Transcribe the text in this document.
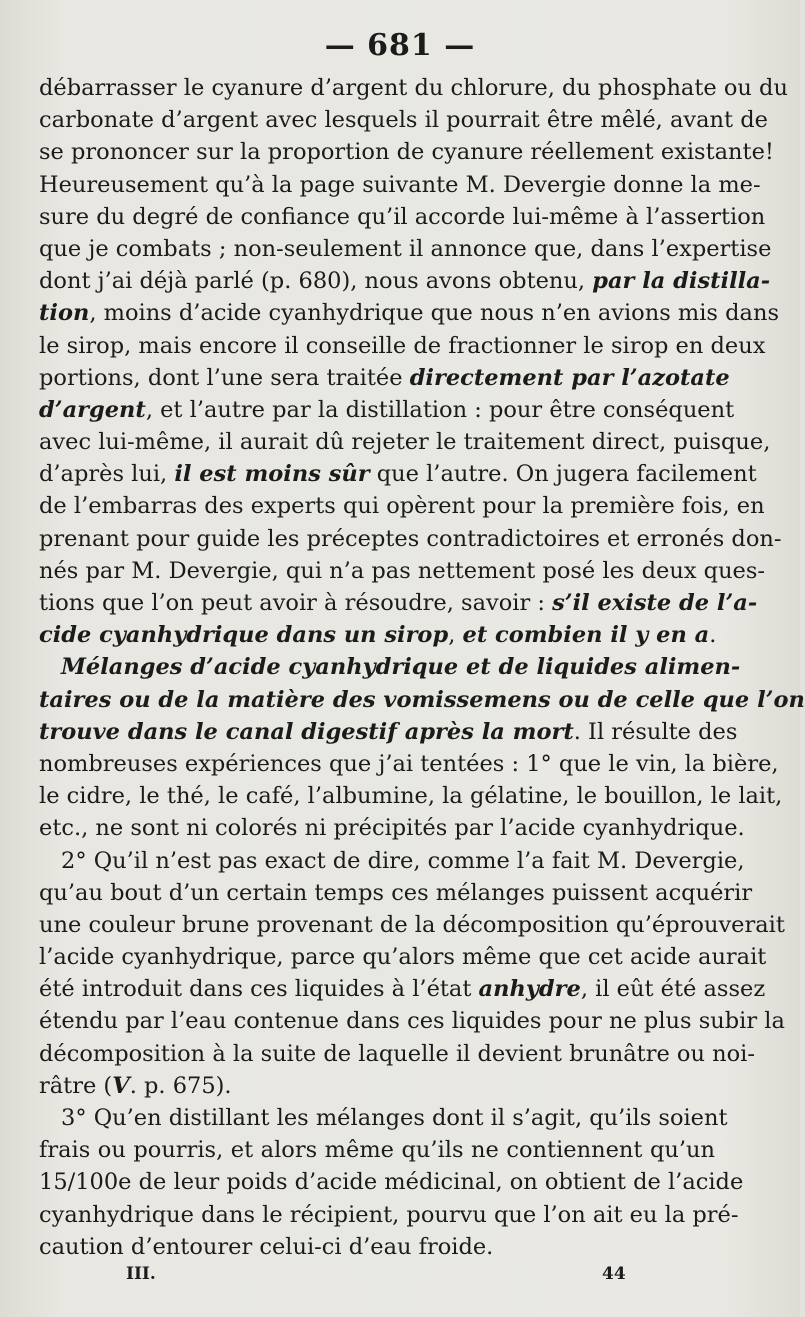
— 681 —
débarrasser le cyanure d’argent du chlorure, du phosphate ou du
carbonate d’argent avec lesquels il pourrait être mêlé, avant de
se prononcer sur la proportion de cyanure réellement existante!
Heureusement qu’à la page suivante M. Devergie donne la me-
sure du degré de confiance qu’il accorde lui-même à l’assertion
que je combats ; non-seulement il annonce que, dans l’expertise
dont j’ai déjà parlé (p. 680), nous avons obtenu, par la distilla-
tion, moins d’acide cyanhydrique que nous n’en avions mis dans
le sirop, mais encore il conseille de fractionner le sirop en deux
portions, dont l’une sera traitée directement par l’azotate
d’argent, et l’autre par la distillation : pour être conséquent
avec lui-même, il aurait dû rejeter le traitement direct, puisque,
d’après lui, il est moins sûr que l’autre. On jugera facilement
de l’embarras des experts qui opèrent pour la première fois, en
prenant pour guide les préceptes contradictoires et erronés don-
nés par M. Devergie, qui n’a pas nettement posé les deux ques-
tions que l’on peut avoir à résoudre, savoir : s’il existe de l’a-
cide cyanhydrique dans un sirop, et combien il y en a.
Mélanges d’acide cyanhydrique et de liquides alimen-
taires ou de la matière des vomissemens ou de celle que l’on
trouve dans le canal digestif après la mort. Il résulte des
nombreuses expériences que j’ai tentées : 1° que le vin, la bière,
le cidre, le thé, le café, l’albumine, la gélatine, le bouillon, le lait,
etc., ne sont ni colorés ni précipités par l’acide cyanhydrique.
2° Qu’il n’est pas exact de dire, comme l’a fait M. Devergie,
qu’au bout d’un certain temps ces mélanges puissent acquérir
une couleur brune provenant de la décomposition qu’éprouverait
l’acide cyanhydrique, parce qu’alors même que cet acide aurait
été introduit dans ces liquides à l’état anhydre, il eût été assez
étendu par l’eau contenue dans ces liquides pour ne plus subir la
décomposition à la suite de laquelle il devient brunâtre ou noi-
râtre (V. p. 675).
3° Qu’en distillant les mélanges dont il s’agit, qu’ils soient
frais ou pourris, et alors même qu’ils ne contiennent qu’un
15/100e de leur poids d’acide médicinal, on obtient de l’acide
cyanhydrique dans le récipient, pourvu que l’on ait eu la pré-
caution d’entourer celui-ci d’eau froide.
III.	44
